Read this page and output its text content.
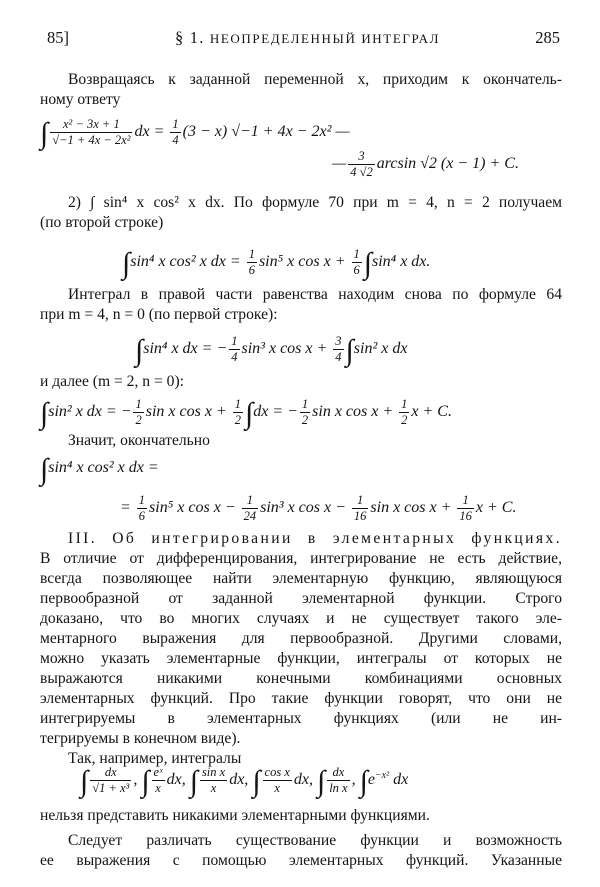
85]	§ 1. НЕОПРЕДЕЛЕННЫЙ ИНТЕГРАЛ	285
Возвращаясь к заданной переменной x, приходим к окончатель-
ному ответу
∫ $\frac{\text{x² − 3x + 1}}{\text{√−1 + 4x − 2x²}}$ dx = $\frac{1}{4} (3 - x) √-1 + 4x - 2x^2$ —
— $\frac{3}{4 √2}$ arcsin √2 (x − 1) + C.
2) ∫ sin⁴ x cos² x dx. По формуле 70 при m = 4, n = 2 получаем
(по второй строке)
∫sin⁴ x cos² x dx = $\frac{1}{6} \sin^5$ x $\cos x + \frac{1}{6} \int\sin^4$ x dx.
Интеграл в правой части равенства находим снова по формуле 64
при m = 4, n = 0 (по первой строке):
∫sin⁴ x dx = − $\frac{1}{4} \sin^3$ x $\cos x + \frac{3}{4} \int\sin^2$ x dx
и далее (m = 2, n = 0):
∫sin² x dx = − $\frac{1}{2}$ sin x $\cos x + \frac{1}{2} \int dx$ = − $\frac{1}{2}$ sin x $\cos x + \frac{1}{2}$ x + C.
Значит, окончательно
∫sin⁴ x cos² x dx =
= $\frac{1}{6} \sin^5$ x $\cos x - \frac{1}{24} \sin^3$ x $\cos x - \frac{1}{16}$ sin x $\cos x + \frac{1}{16}$ x + C.
III. Об интегрировании в элементарных функциях.
В отличие от дифференцирования, интегрирование не есть действие,
всегда позволяющее найти элементарную функцию, являющуюся
первообразной от заданной элементарной функции. Строго
доказано, что во многих случаях и не существует такого эле-
ментарного выражения для первообразной. Другими словами,
можно указать элементарные функции, интегралы от которых не
выражаются никакими конечными комбинациями основных
элементарных функций. Про такие функции говорят, что они не
интегрируемы в элементарных функциях (или не ин-
тегрируемы в конечном виде).
Так, например, интегралы
∫ $\frac{dx}{\text{√1 + x³}}$ , ∫ $\frac{\text{eˣ}}{x}$ dx, ∫ $\frac{\text{sin x}}{x}$ dx, ∫ $\frac{\text{cos x}}{x}$ dx, ∫ $\frac{dx}{\text{ln x}}$ , $\int e^{-x^2}$ dx
нельзя представить никакими элементарными функциями.
Следует различать существование функции и возможность
ее выражения с помощью элементарных функций. Указанные
